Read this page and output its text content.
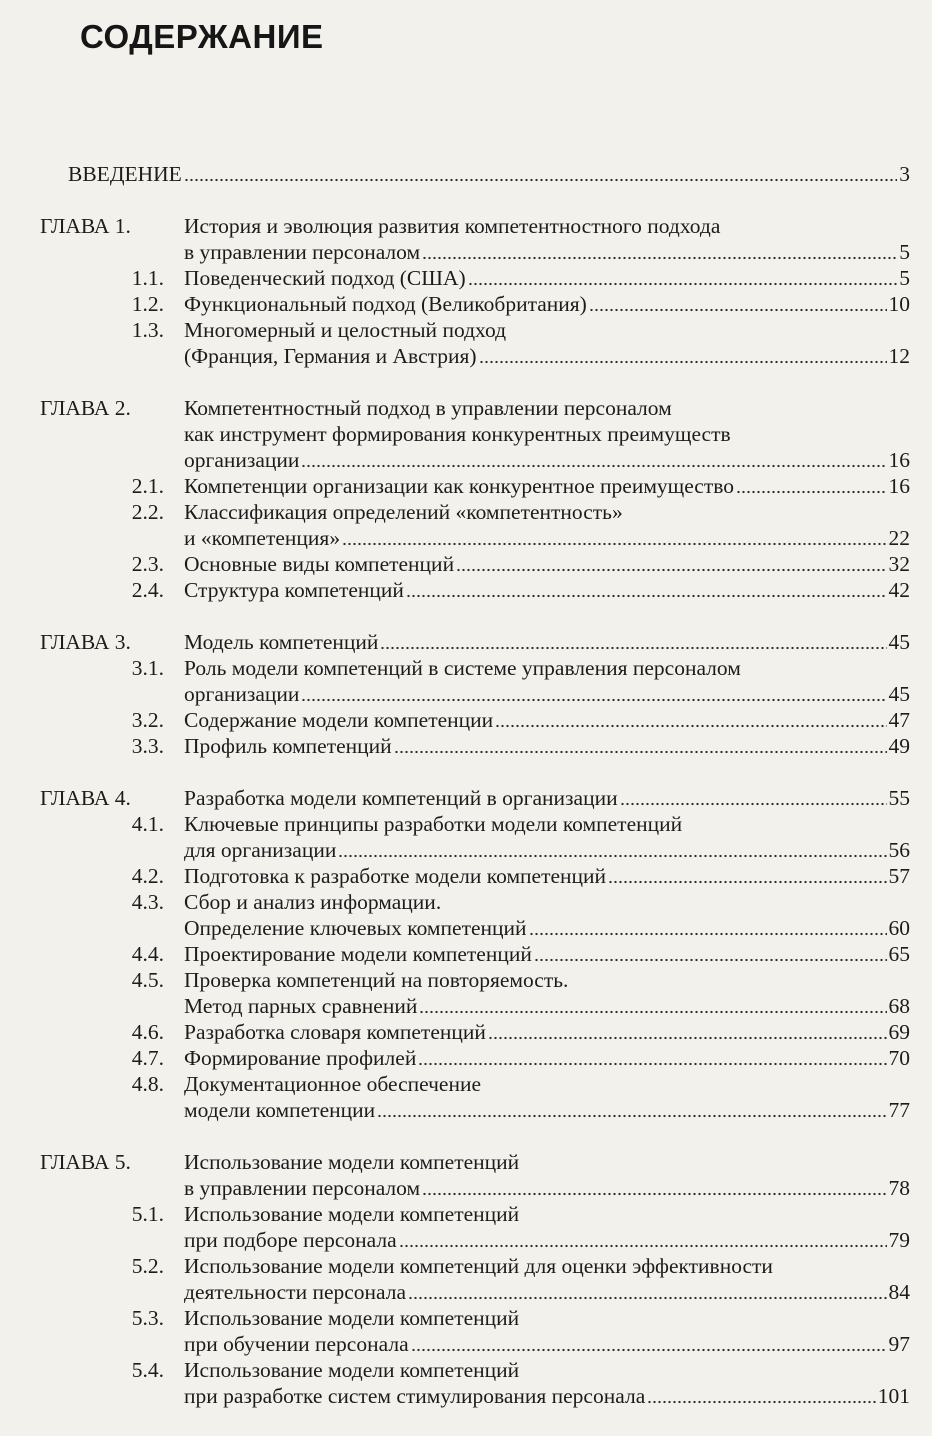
СОДЕРЖАНИЕ
ВВЕДЕНИЕ	3
ГЛАВА 1. История и эволюция развития компетентностного подхода
в управлении персоналом	5
1.1. Поведенческий подход (США)	5
1.2. Функциональный подход (Великобритания)	10
1.3. Многомерный и целостный подход
(Франция, Германия и Австрия)	12
ГЛАВА 2. Компетентностный подход в управлении персоналом
как инструмент формирования конкурентных преимуществ
организации	16
2.1. Компетенции организации как конкурентное преимущество	16
2.2. Классификация определений «компетентность»
и «компетенция»	22
2.3. Основные виды компетенций	32
2.4. Структура компетенций	42
ГЛАВА 3. Модель компетенций	45
3.1. Роль модели компетенций в системе управления персоналом
организации	45
3.2. Содержание модели компетенции	47
3.3. Профиль компетенций	49
ГЛАВА 4. Разработка модели компетенций в организации	55
4.1. Ключевые принципы разработки модели компетенций
для организации	56
4.2. Подготовка к разработке модели компетенций	57
4.3. Сбор и анализ информации.
Определение ключевых компетенций	60
4.4. Проектирование модели компетенций	65
4.5. Проверка компетенций на повторяемость.
Метод парных сравнений	68
4.6. Разработка словаря компетенций	69
4.7. Формирование профилей	70
4.8. Документационное обеспечение
модели компетенции	77
ГЛАВА 5. Использование модели компетенций
в управлении персоналом	78
5.1. Использование модели компетенций
при подборе персонала	79
5.2. Использование модели компетенций для оценки эффективности
деятельности персонала	84
5.3. Использование модели компетенций
при обучении персонала	97
5.4. Использование модели компетенций
при разработке систем стимулирования персонала	101
